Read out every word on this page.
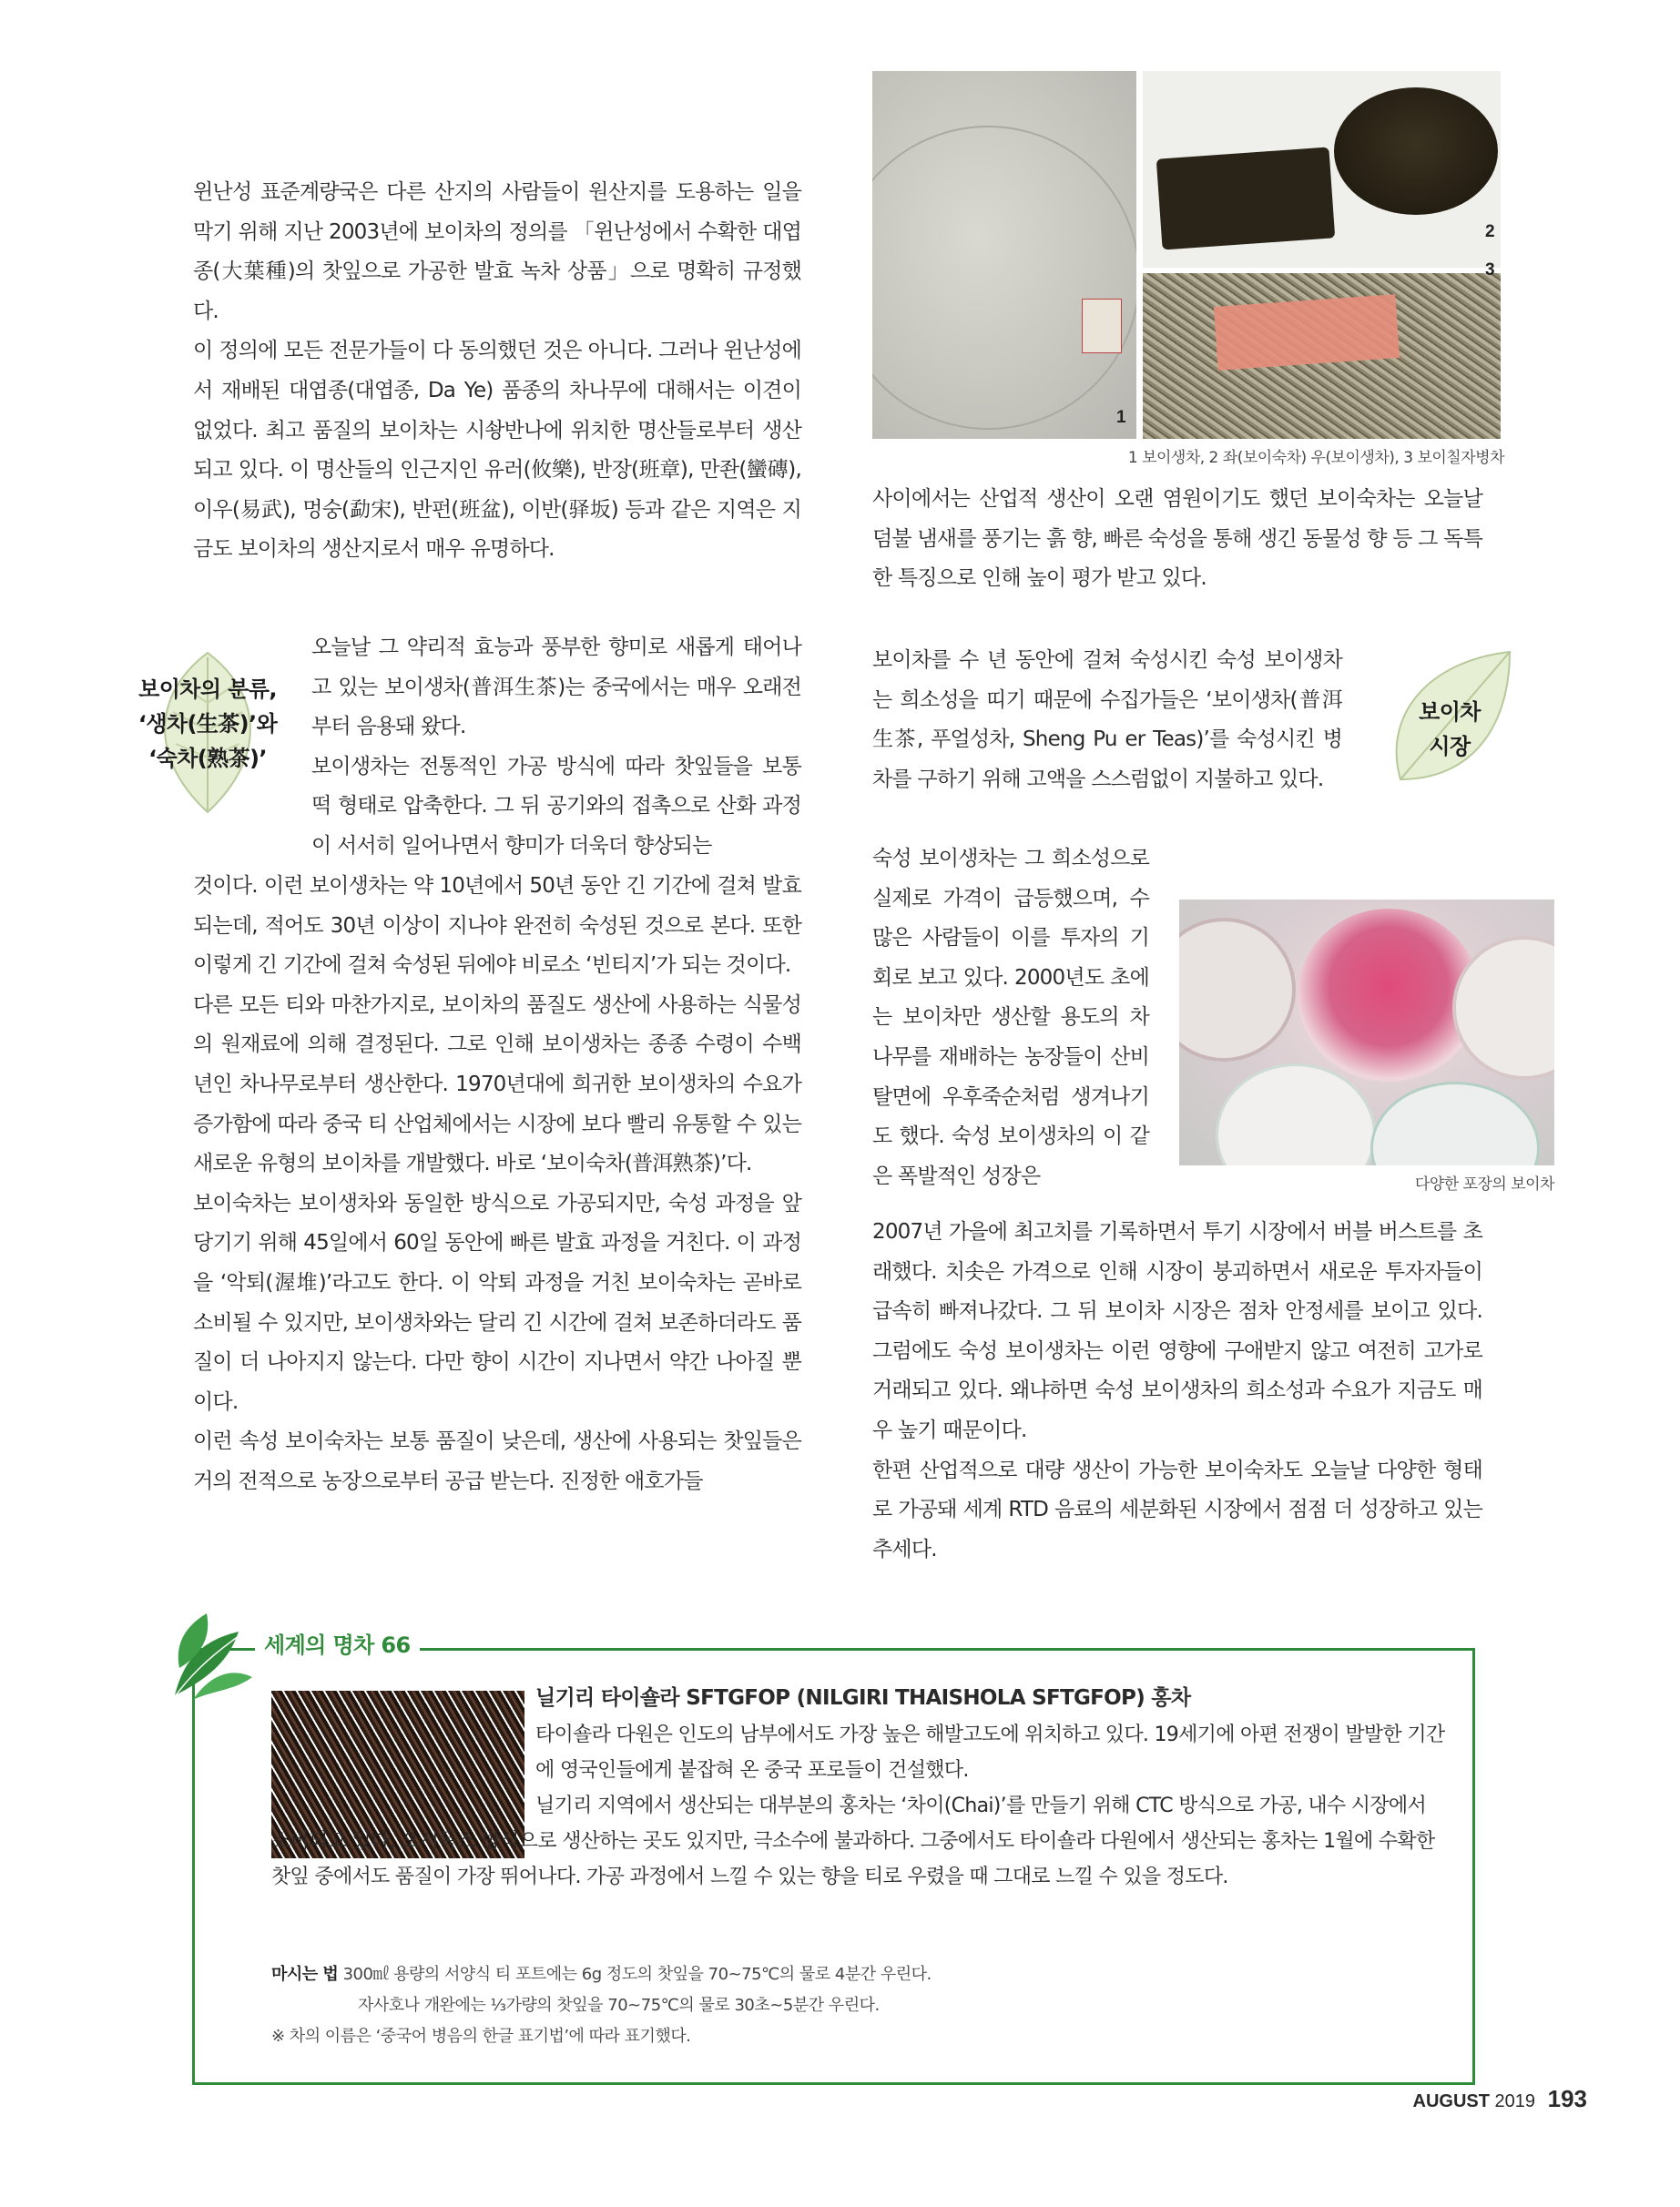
윈난성 표준계량국은 다른 산지의 사람들이 원산지를 도용하는 일을 막기 위해 지난 2003년에 보이차의 정의를 「윈난성에서 수확한 대엽종(大葉種)의 찻잎으로 가공한 발효 녹차 상품」으로 명확히 규정했다.

이 정의에 모든 전문가들이 다 동의했던 것은 아니다. 그러나 윈난성에서 재배된 대엽종(대엽종, Da Ye) 품종의 차나무에 대해서는 이견이 없었다. 최고 품질의 보이차는 시솽반나에 위치한 명산들로부터 생산되고 있다. 이 명산들의 인근지인 유러(攸樂), 반장(班章), 만좐(蠻磚), 이우(易武), 멍숭(勐宋), 반펀(班盆), 이반(驿坂) 등과 같은 지역은 지금도 보이차의 생산지로서 매우 유명하다.

보이차의 분류,
‘생차(生茶)’와
‘숙차(熟茶)’

오늘날 그 약리적 효능과 풍부한 향미로 새롭게 태어나고 있는 보이생차(普洱生茶)는 중국에서는 매우 오래전부터 음용돼 왔다.

보이생차는 전통적인 가공 방식에 따라 찻잎들을 보통 떡 형태로 압축한다. 그 뒤 공기와의 접촉으로 산화 과정이 서서히 일어나면서 향미가 더욱더 향상되는

것이다. 이런 보이생차는 약 10년에서 50년 동안 긴 기간에 걸쳐 발효되는데, 적어도 30년 이상이 지나야 완전히 숙성된 것으로 본다. 또한 이렇게 긴 기간에 걸쳐 숙성된 뒤에야 비로소 ‘빈티지’가 되는 것이다.

다른 모든 티와 마찬가지로, 보이차의 품질도 생산에 사용하는 식물성의 원재료에 의해 결정된다. 그로 인해 보이생차는 종종 수령이 수백 년인 차나무로부터 생산한다. 1970년대에 희귀한 보이생차의 수요가 증가함에 따라 중국 티 산업체에서는 시장에 보다 빨리 유통할 수 있는 새로운 유형의 보이차를 개발했다. 바로 ‘보이숙차(普洱熟茶)’다.

보이숙차는 보이생차와 동일한 방식으로 가공되지만, 숙성 과정을 앞당기기 위해 45일에서 60일 동안에 빠른 발효 과정을 거친다. 이 과정을 ‘악퇴(渥堆)’라고도 한다. 이 악퇴 과정을 거친 보이숙차는 곧바로 소비될 수 있지만, 보이생차와는 달리 긴 시간에 걸쳐 보존하더라도 품질이 더 나아지지 않는다. 다만 향이 시간이 지나면서 약간 나아질 뿐이다.

이런 속성 보이숙차는 보통 품질이 낮은데, 생산에 사용되는 찻잎들은 거의 전적으로 농장으로부터 공급 받는다. 진정한 애호가들

1
2
3
1 보이생차, 2 좌(보이숙차) 우(보이생차), 3 보이칠자병차

사이에서는 산업적 생산이 오랜 염원이기도 했던 보이숙차는 오늘날 덤불 냄새를 풍기는 흙 향, 빠른 숙성을 통해 생긴 동물성 향 등 그 독특한 특징으로 인해 높이 평가 받고 있다.

보이차
시장

보이차를 수 년 동안에 걸쳐 숙성시킨 숙성 보이생차는 희소성을 띠기 때문에 수집가들은 ‘보이생차(普洱生茶, 푸얼성차, Sheng Pu er Teas)’를 숙성시킨 병차를 구하기 위해 고액을 스스럼없이 지불하고 있다.

숙성 보이생차는 그 희소성으로 실제로 가격이 급등했으며, 수많은 사람들이 이를 투자의 기회로 보고 있다. 2000년도 초에는 보이차만 생산할 용도의 차나무를 재배하는 농장들이 산비탈면에 우후죽순처럼 생겨나기도 했다. 숙성 보이생차의 이 같은 폭발적인 성장은	다양한 포장의 보이차

2007년 가을에 최고치를 기록하면서 투기 시장에서 버블 버스트를 초래했다. 치솟은 가격으로 인해 시장이 붕괴하면서 새로운 투자자들이 급속히 빠져나갔다. 그 뒤 보이차 시장은 점차 안정세를 보이고 있다. 그럼에도 숙성 보이생차는 이런 영향에 구애받지 않고 여전히 고가로 거래되고 있다. 왜냐하면 숙성 보이생차의 희소성과 수요가 지금도 매우 높기 때문이다.

한편 산업적으로 대량 생산이 가능한 보이숙차도 오늘날 다양한 형태로 가공돼 세계 RTD 음료의 세분화된 시장에서 점점 더 성장하고 있는 추세다.

세계의 명차 66
닐기리 타이숄라 SFTGFOP (NILGIRI THAISHOLA SFTGFOP) 홍차
타이숄라 다원은 인도의 남부에서도 가장 높은 해발고도에 위치하고 있다. 19세기에 아편 전쟁이 발발한 기간에 영국인들에게 붙잡혀 온 중국 포로들이 건설했다.
닐기리 지역에서 생산되는 대부분의 홍차는 ‘차이(Chai)’를 만들기 위해 CTC 방식으로 가공, 내수 시장에서 소비되고 있다. 오서독스 방식으로 생산하는 곳도 있지만, 극소수에 불과하다. 그중에서도 타이숄라 다원에서 생산되는 홍차는 1월에 수확한 찻잎 중에서도 품질이 가장 뛰어나다. 가공 과정에서 느낄 수 있는 향을 티로 우렸을 때 그대로 느낄 수 있을 정도다.
마시는 법 300㎖ 용량의 서양식 티 포트에는 6g 정도의 찻잎을 70~75℃의 물로 4분간 우린다.
자사호나 개완에는 ⅓가량의 찻잎을 70~75℃의 물로 30초~5분간 우린다.
※ 차의 이름은 ‘중국어 병음의 한글 표기법’에 따라 표기했다.
AUGUST 2019 193
